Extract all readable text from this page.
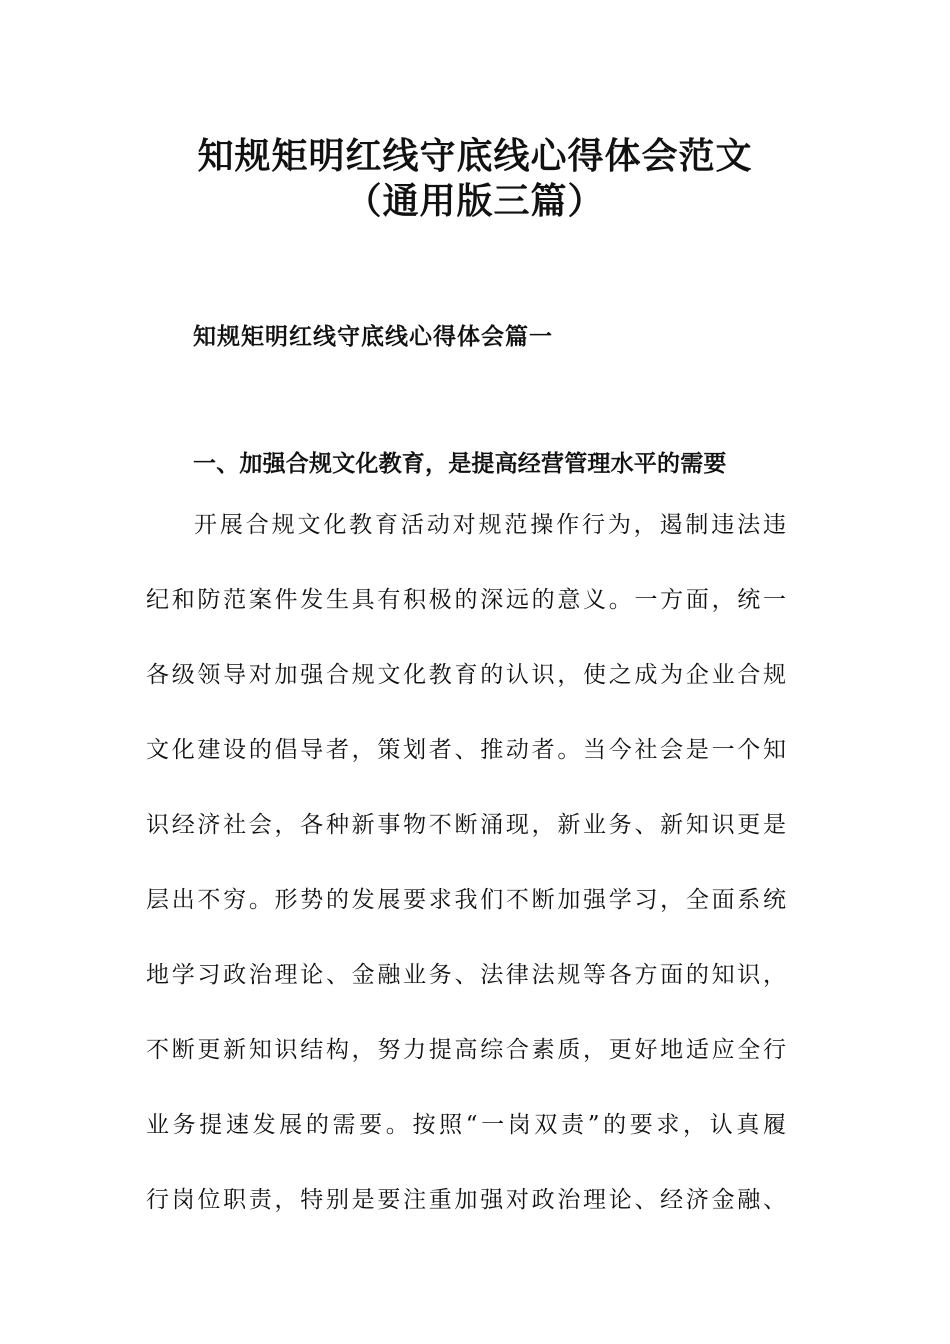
知规矩明红线守底线心得体会范文
（通用版三篇）
知规矩明红线守底线心得体会篇一
一、加强合规文化教育，是提高经营管理水平的需要
开展合规文化教育活动对规范操作行为，遏制违法违
纪和防范案件发生具有积极的深远的意义。一方面，统一
各级领导对加强合规文化教育的认识，使之成为企业合规
文化建设的倡导者，策划者、推动者。当今社会是一个知
识经济社会，各种新事物不断涌现，新业务、新知识更是
层出不穷。形势的发展要求我们不断加强学习，全面系统
地学习政治理论、金融业务、法律法规等各方面的知识，
不断更新知识结构，努力提高综合素质，更好地适应全行
业务提速发展的需要。按照“一岗双责”的要求，认真履
行岗位职责，特别是要注重加强对政治理论、经济金融、
